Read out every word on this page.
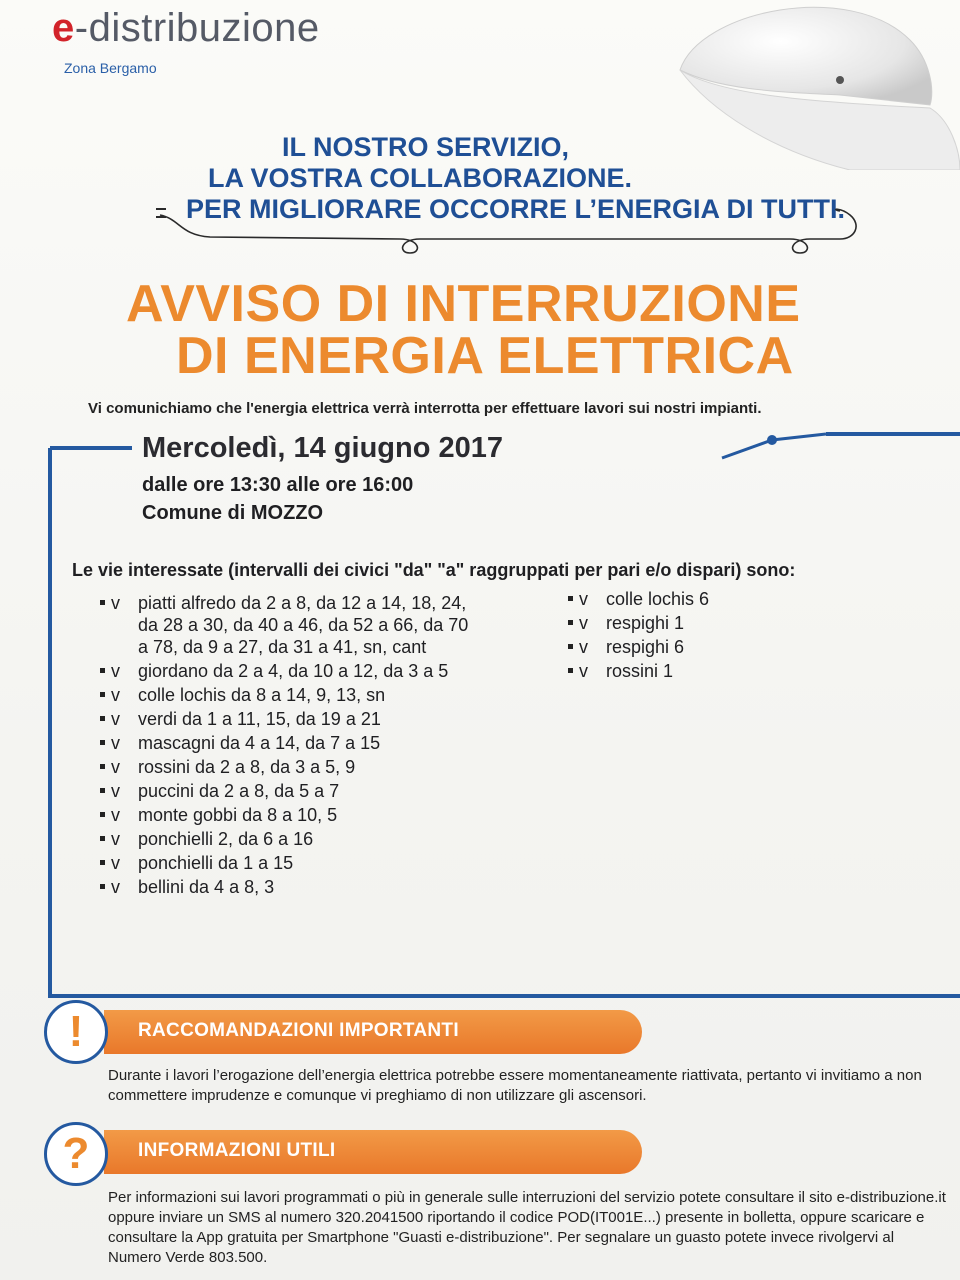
e-distribuzione
Zona Bergamo
IL NOSTRO SERVIZIO,
LA VOSTRA COLLABORAZIONE.
PER MIGLIORARE OCCORRE L’ENERGIA DI TUTTI.
AVVISO DI INTERRUZIONE
DI ENERGIA ELETTRICA
Vi comunichiamo che l'energia elettrica verrà interrotta per effettuare lavori sui nostri impianti.
Mercoledì, 14 giugno 2017
dalle ore 13:30 alle ore 16:00
Comune di MOZZO
Le vie interessate (intervalli dei civici "da" "a" raggruppati per pari e/o dispari) sono:
v	piatti alfredo da 2 a 8, da 12 a 14, 18, 24, da 28 a 30, da 40 a 46, da 52 a 66, da 70 a 78, da 9 a 27, da 31 a 41, sn, cant
v	giordano da 2 a 4, da 10 a 12, da 3 a 5
v	colle lochis da 8 a 14, 9, 13, sn
v	verdi da 1 a 11, 15, da 19 a 21
v	mascagni da 4 a 14, da 7 a 15
v	rossini da 2 a 8, da 3 a 5, 9
v	puccini da 2 a 8, da 5 a 7
v	monte gobbi da 8 a 10, 5
v	ponchielli 2, da 6 a 16
v	ponchielli da 1 a 15
v	bellini da 4 a 8, 3
v	colle lochis 6
v	respighi 1
v	respighi 6
v	rossini 1
RACCOMANDAZIONI IMPORTANTI
!
Durante i lavori l’erogazione dell’energia elettrica potrebbe essere momentaneamente riattivata, pertanto vi invitiamo a non commettere imprudenze e comunque vi preghiamo di non utilizzare gli ascensori.
INFORMAZIONI UTILI
?
Per informazioni sui lavori programmati o più in generale sulle interruzioni del servizio potete consultare il sito e-distribuzione.it oppure inviare un SMS al numero 320.2041500 riportando il codice POD(IT001E...) presente in bolletta, oppure scaricare e consultare la App gratuita per Smartphone "Guasti e-distribuzione". Per segnalare un guasto potete invece rivolgervi al Numero Verde 803.500.
